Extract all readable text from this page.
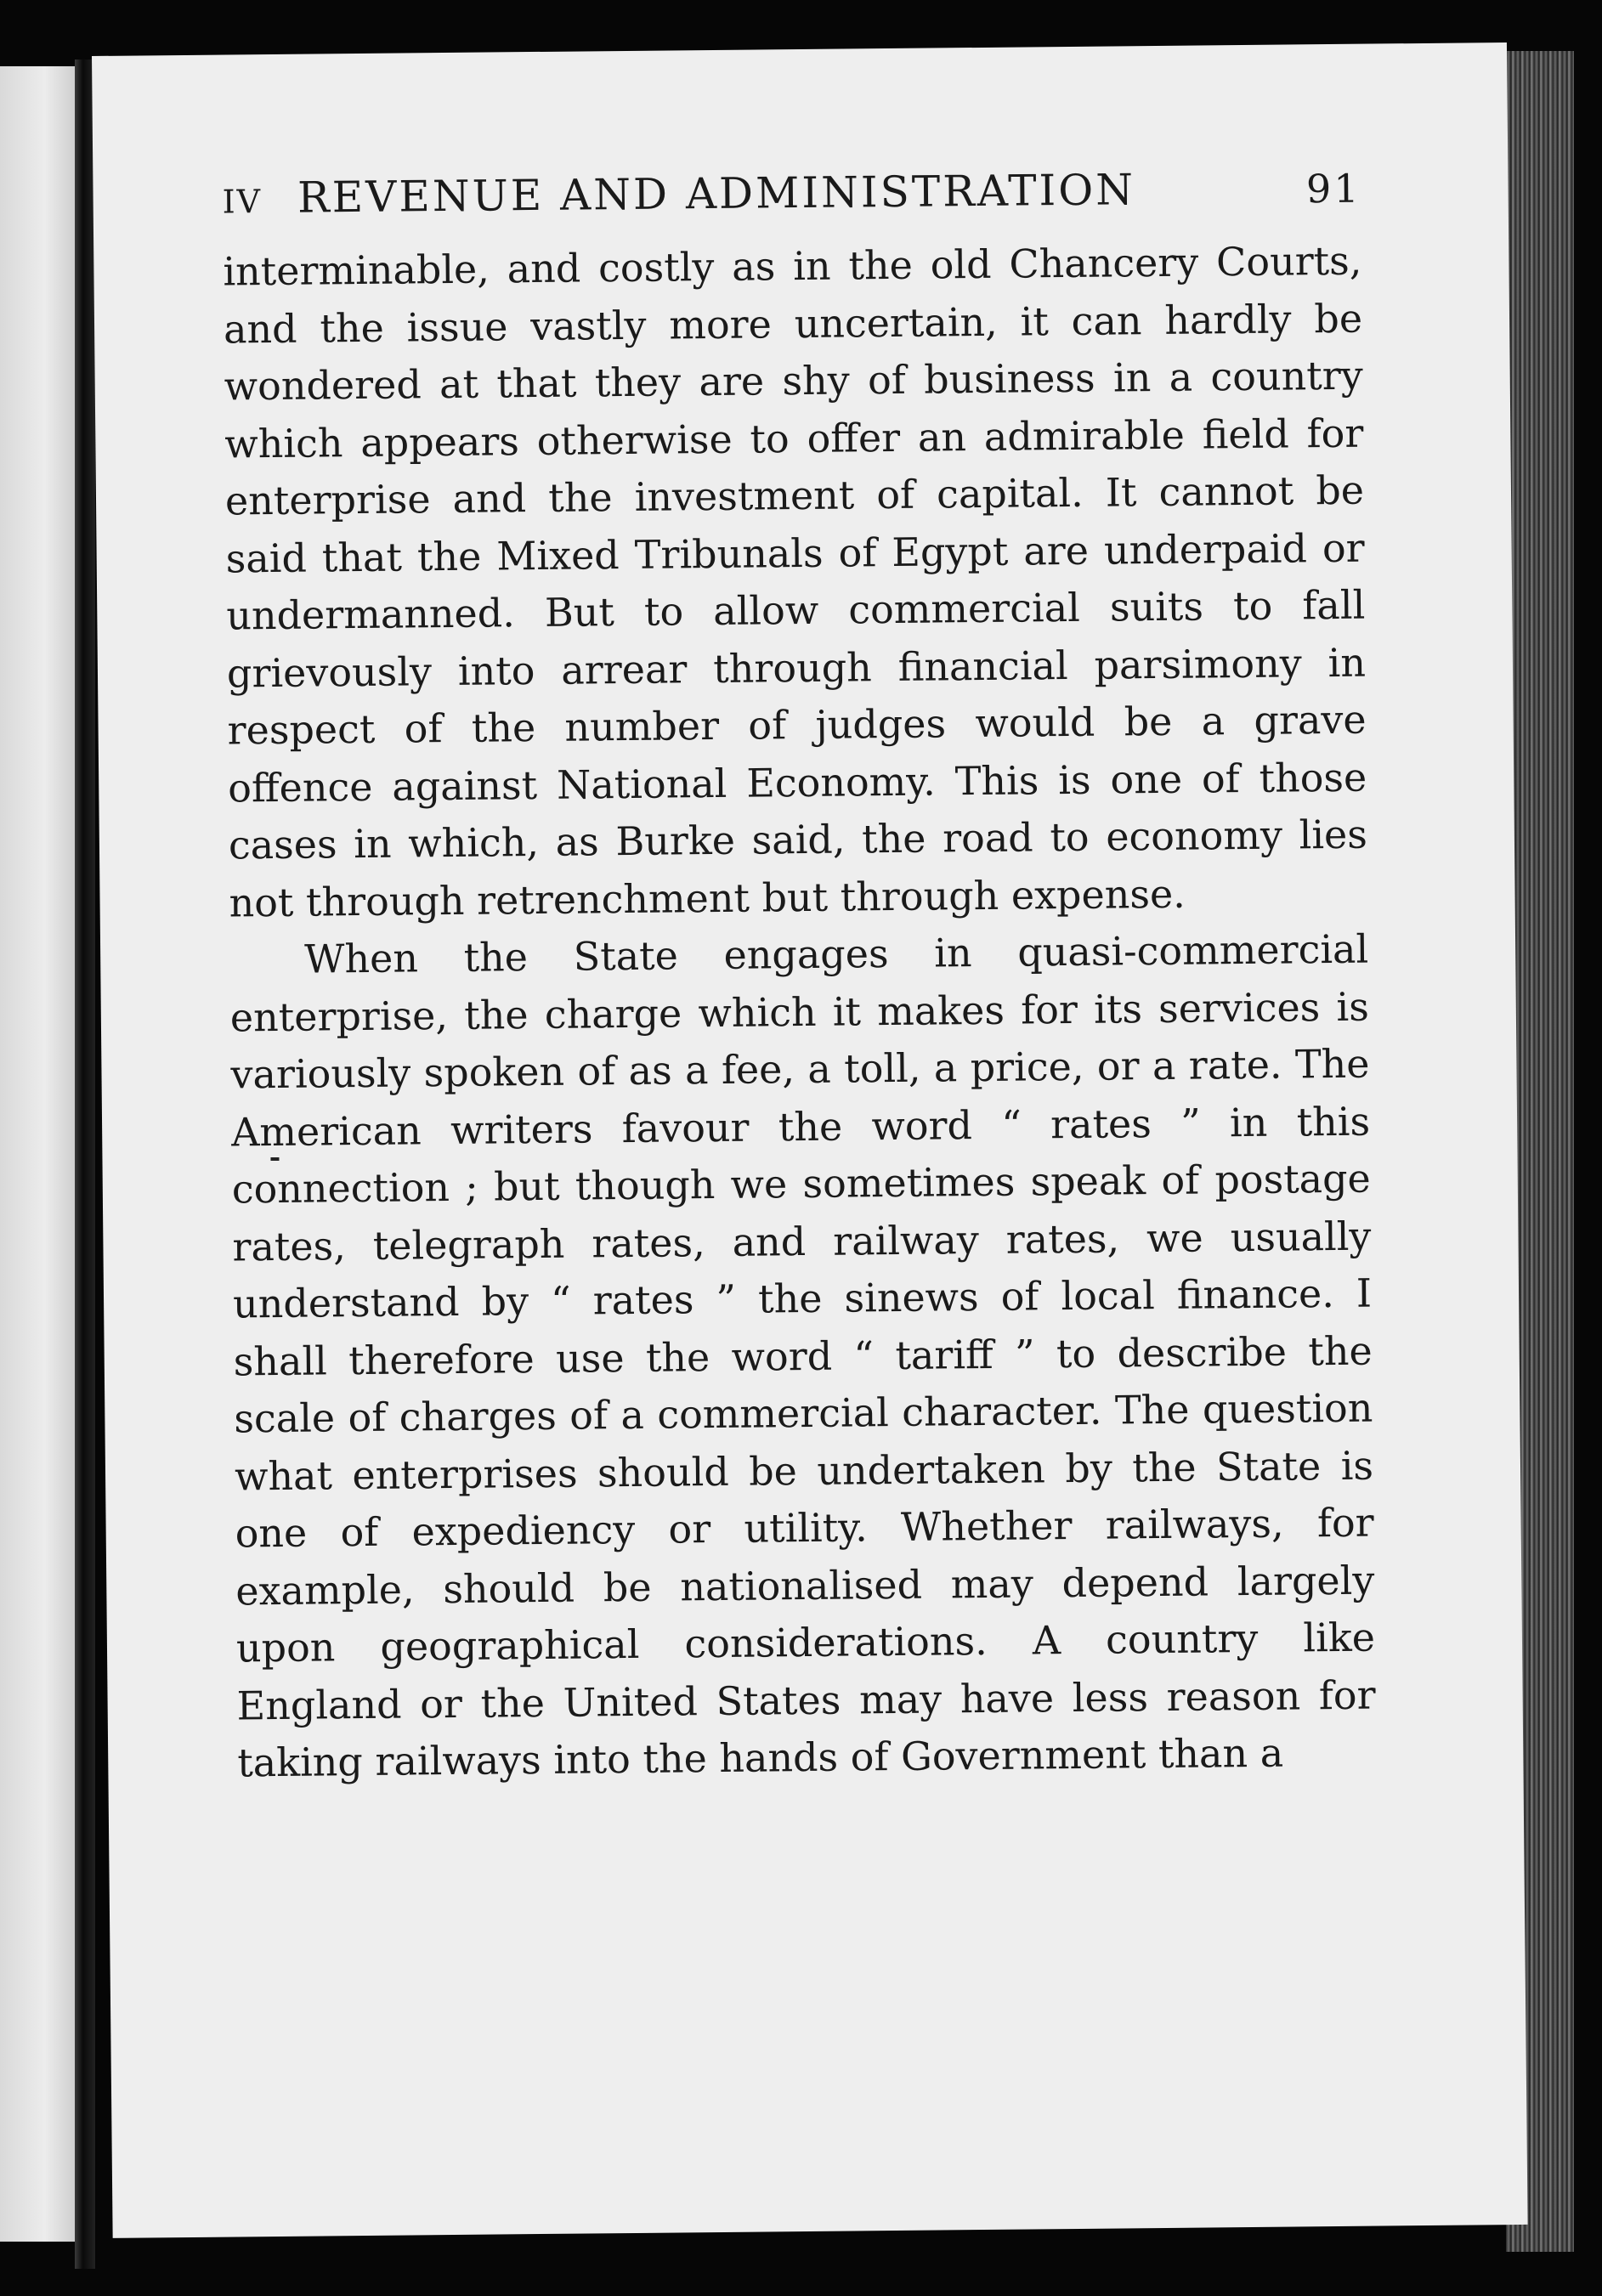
IV REVENUE AND ADMINISTRATION	91

interminable, and costly as in the old Chancery Courts, and the issue vastly more uncertain, it can hardly be wondered at that they are shy of business in a country which appears otherwise to offer an admirable field for enterprise and the investment of capital. It cannot be said that the Mixed Tribunals of Egypt are underpaid or undermanned. But to allow commercial suits to fall grievously into arrear through financial parsimony in respect of the number of judges would be a grave offence against National Economy. This is one of those cases in which, as Burke said, the road to economy lies not through retrenchment but through expense.

When the State engages in quasi-commercial enterprise, the charge which it makes for its services is variously spoken of as a fee, a toll, a price, or a rate. The American writers favour the word “ rates ” in this connection ; but though we sometimes speak of postage rates, telegraph rates, and railway rates, we usually understand by “ rates ” the sinews of local finance. I shall therefore use the word “ tariff ” to describe the scale of charges of a commercial character. The question what enterprises should be undertaken by the State is one of expediency or utility. Whether railways, for example, should be nationalised may depend largely upon geographical considerations. A country like England or the United States may have less reason for taking railways into the hands of Government than a
